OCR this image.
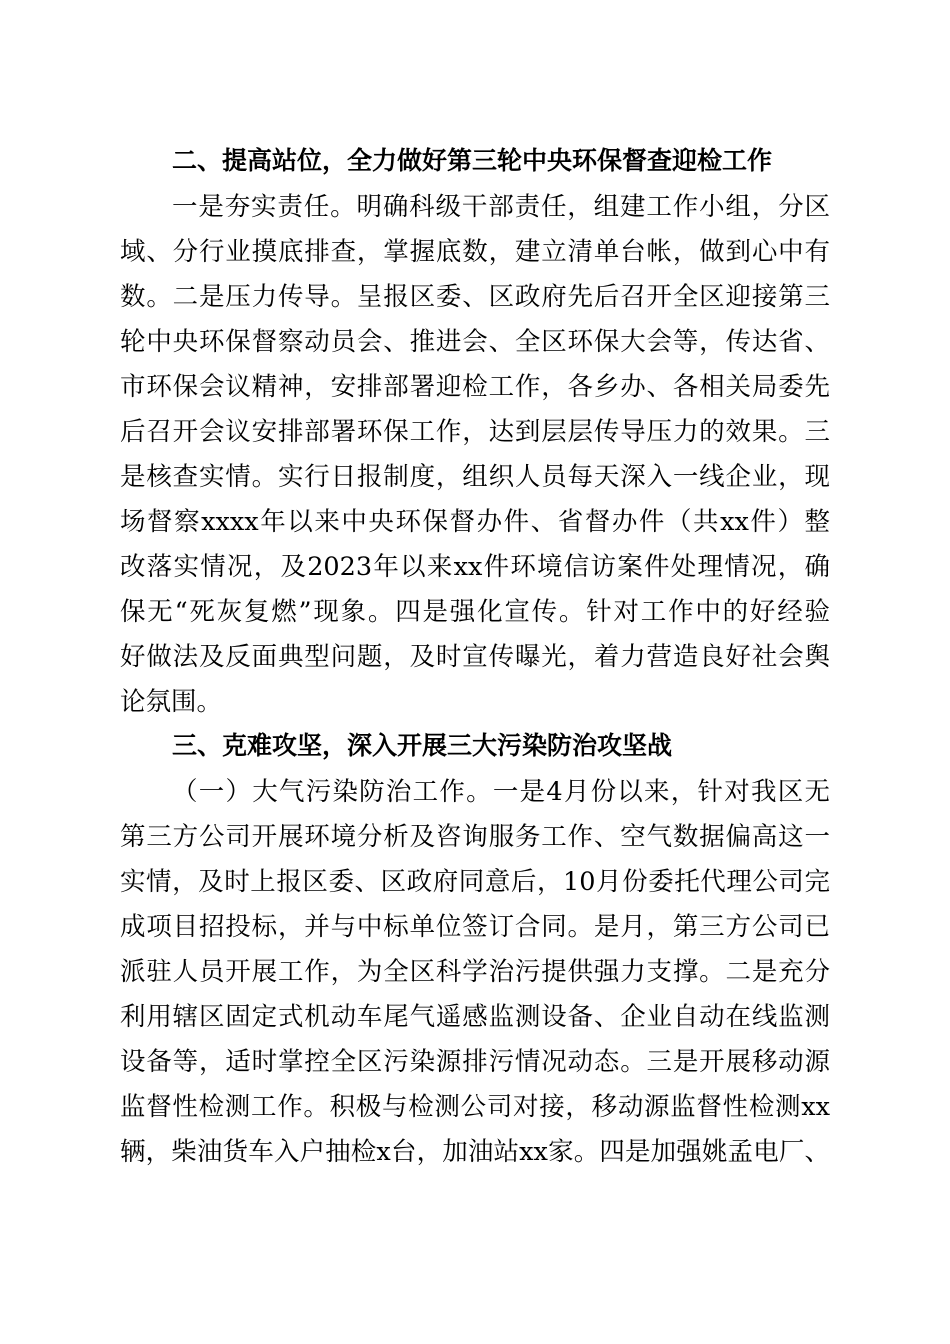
二、提高站位，全力做好第三轮中央环保督查迎检工作
一是夯实责任。明确科级干部责任，组建工作小组，分区
域、分行业摸底排查，掌握底数，建立清单台帐，做到心中有
数。二是压力传导。呈报区委、区政府先后召开全区迎接第三
轮中央环保督察动员会、推进会、全区环保大会等，传达省、
市环保会议精神，安排部署迎检工作，各乡办、各相关局委先
后召开会议安排部署环保工作，达到层层传导压力的效果。三
是核查实情。实行日报制度，组织人员每天深入一线企业，现
场督察xxxx年以来中央环保督办件、省督办件（共xx件）整
改落实情况，及2023年以来xx件环境信访案件处理情况，确
保无“死灰复燃”现象。四是强化宣传。针对工作中的好经验
好做法及反面典型问题，及时宣传曝光，着力营造良好社会舆
论氛围。
三、克难攻坚，深入开展三大污染防治攻坚战
（一）大气污染防治工作。一是4月份以来，针对我区无
第三方公司开展环境分析及咨询服务工作、空气数据偏高这一
实情，及时上报区委、区政府同意后，10月份委托代理公司完
成项目招投标，并与中标单位签订合同。是月，第三方公司已
派驻人员开展工作，为全区科学治污提供强力支撑。二是充分
利用辖区固定式机动车尾气遥感监测设备、企业自动在线监测
设备等，适时掌控全区污染源排污情况动态。三是开展移动源
监督性检测工作。积极与检测公司对接，移动源监督性检测xx
辆，柴油货车入户抽检x台，加油站xx家。四是加强姚孟电厂、
